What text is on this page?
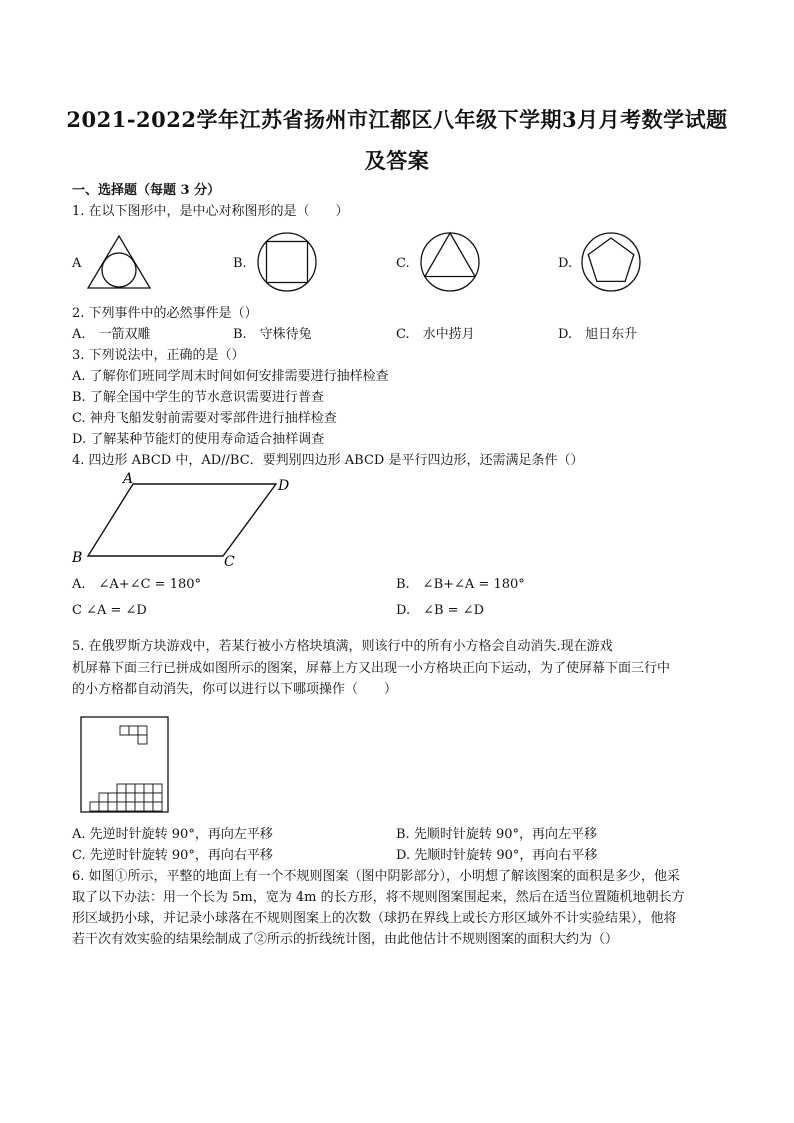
2021-2022学年江苏省扬州市江都区八年级下学期3月月考数学试题
及答案
一、选择题（每题 3 分）
1. 在以下图形中，是中心对称图形的是（　　）
A	B.	C.	D.
2. 下列事件中的必然事件是（）
A.　一箭双雕	B.　守株待兔	C.　水中捞月	D.　旭日东升
3. 下列说法中，正确的是（）
A. 了解你们班同学周末时间如何安排需要进行抽样检查
B. 了解全国中学生的节水意识需要进行普查
C. 神舟飞船发射前需要对零部件进行抽样检查
D. 了解某种节能灯的使用寿命适合抽样调查
4. 四边形 ABCD 中，AD//BC．要判别四边形 ABCD 是平行四边形，还需满足条件（）
A	D
B	C
A.　∠A+∠C = 180°	B.　∠B+∠A = 180°
C ∠A = ∠D	D.　∠B = ∠D
5. 在俄罗斯方块游戏中，若某行被小方格块填满，则该行中的所有小方格会自动消失.现在游戏
机屏幕下面三行已拼成如图所示的图案，屏幕上方又出现一小方格块正向下运动，为了使屏幕下面三行中
的小方格都自动消失，你可以进行以下哪项操作（　　）
A. 先逆时针旋转 90°，再向左平移	B. 先顺时针旋转 90°，再向左平移
C. 先逆时针旋转 90°，再向右平移	D. 先顺时针旋转 90°，再向右平移
6. 如图①所示，平整的地面上有一个不规则图案（图中阴影部分），小明想了解该图案的面积是多少，他采
取了以下办法：用一个长为 5m，宽为 4m 的长方形，将不规则图案围起来，然后在适当位置随机地朝长方
形区域扔小球，并记录小球落在不规则图案上的次数（球扔在界线上或长方形区域外不计实验结果），他将
若干次有效实验的结果绘制成了②所示的折线统计图，由此他估计不规则图案的面积大约为（）
